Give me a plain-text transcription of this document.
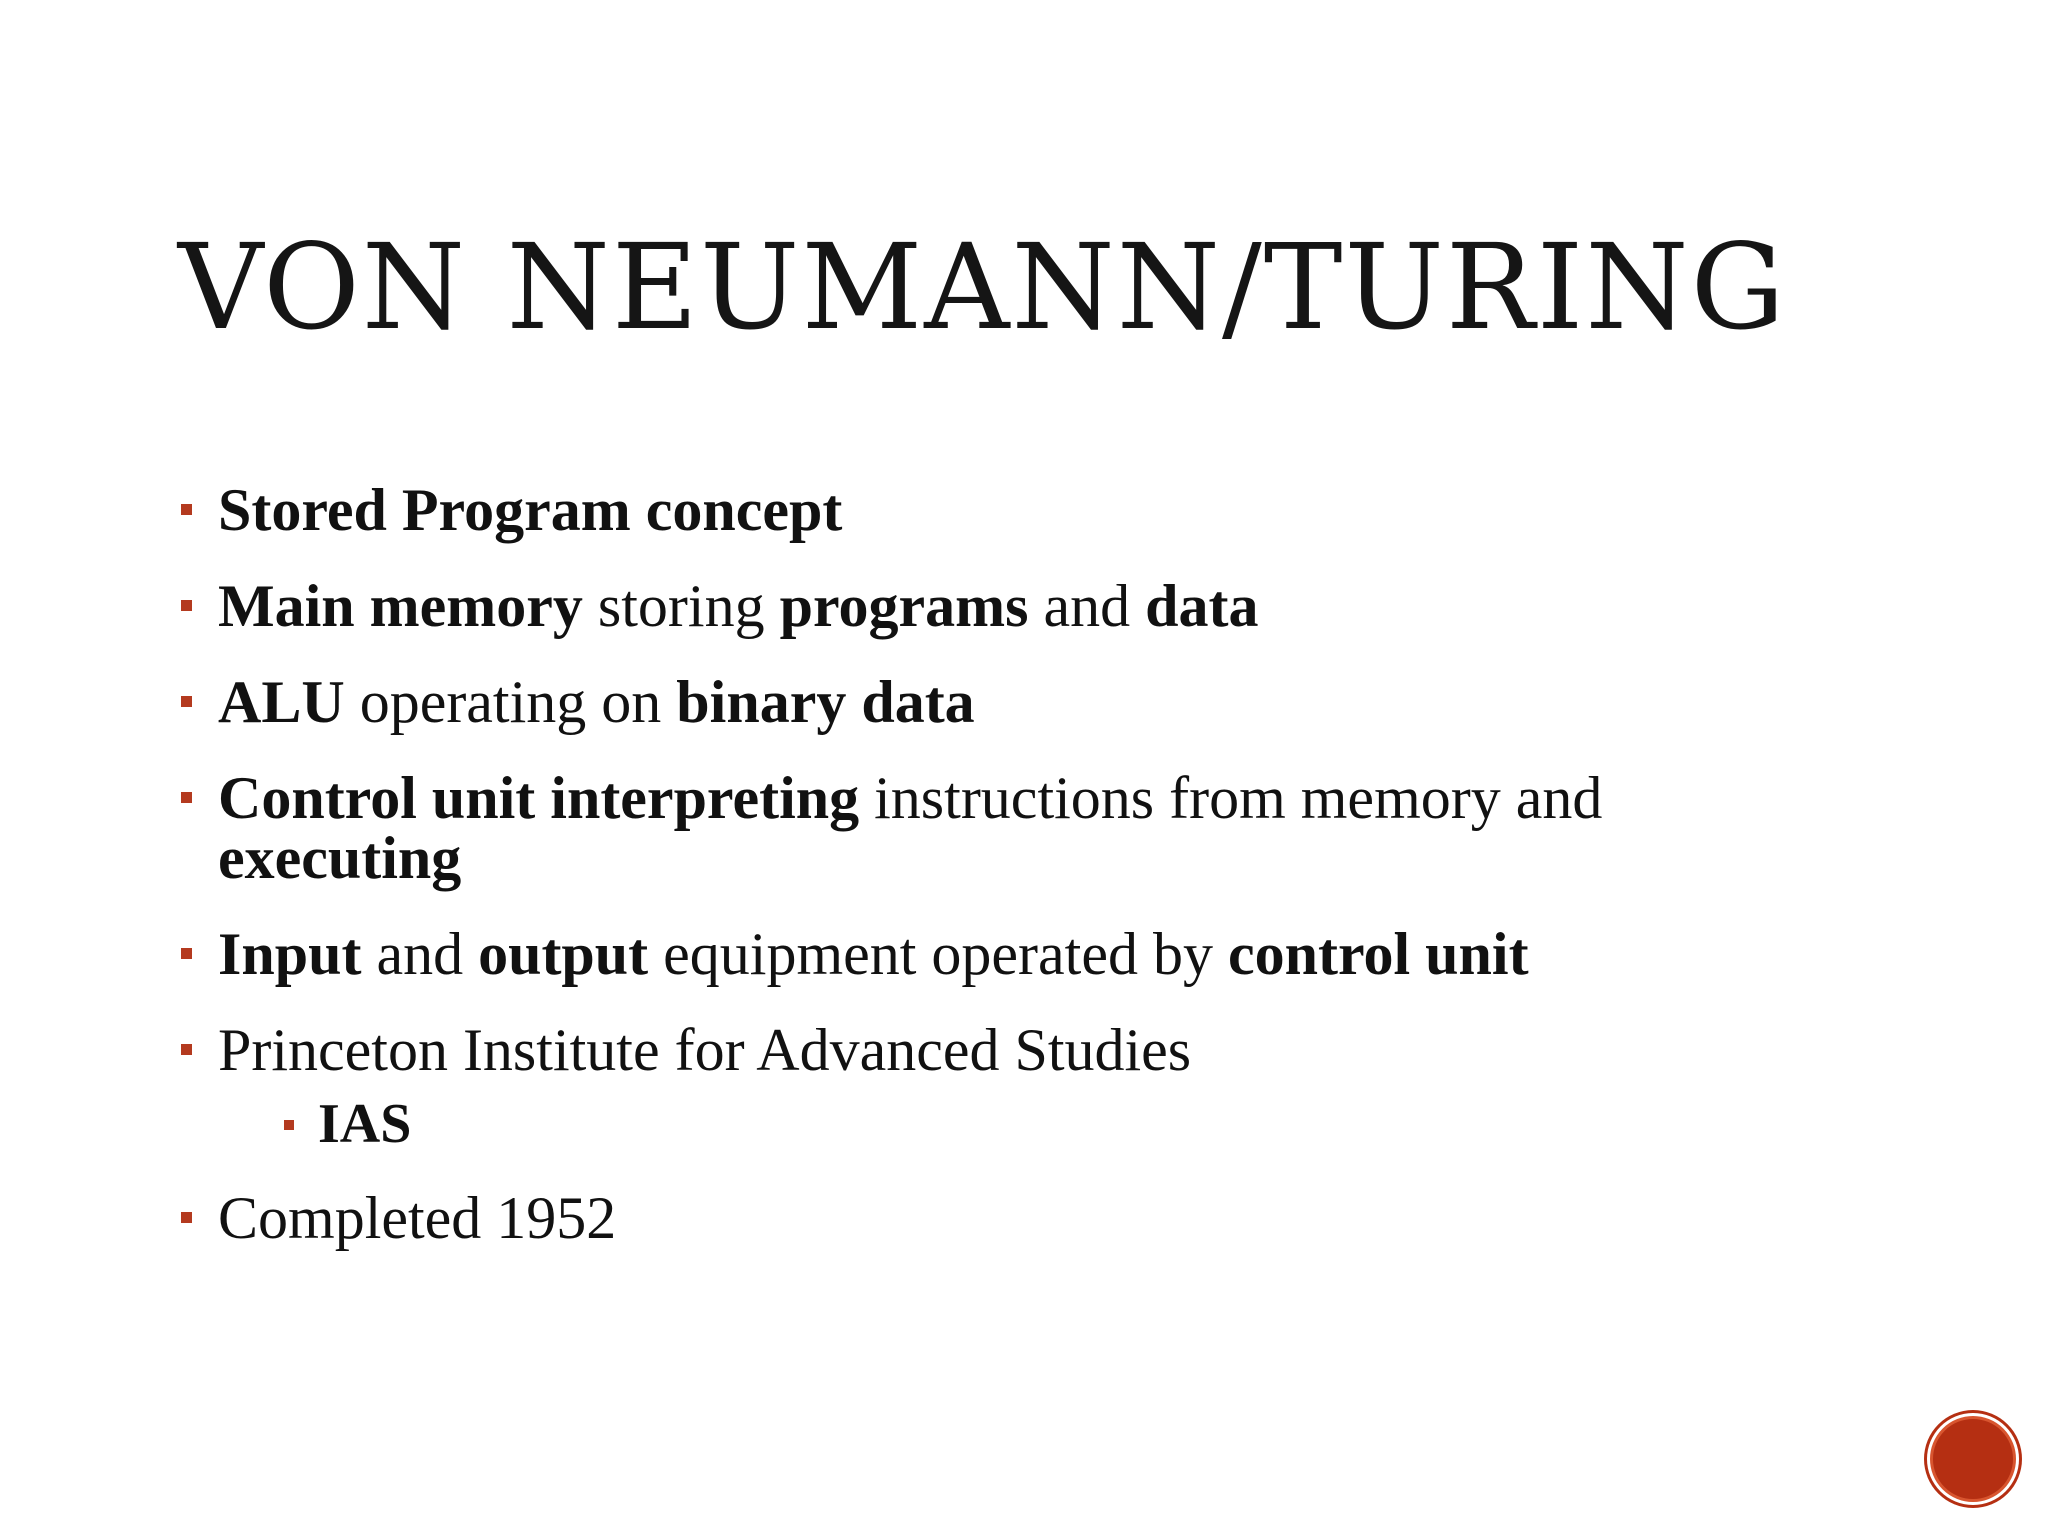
VON NEUMANN/TURING
Stored Program concept
Main memory storing programs and data
ALU operating on binary data
Control unit interpreting instructions from memory and executing
Input and output equipment operated by control unit
Princeton Institute for Advanced Studies
IAS
Completed 1952
